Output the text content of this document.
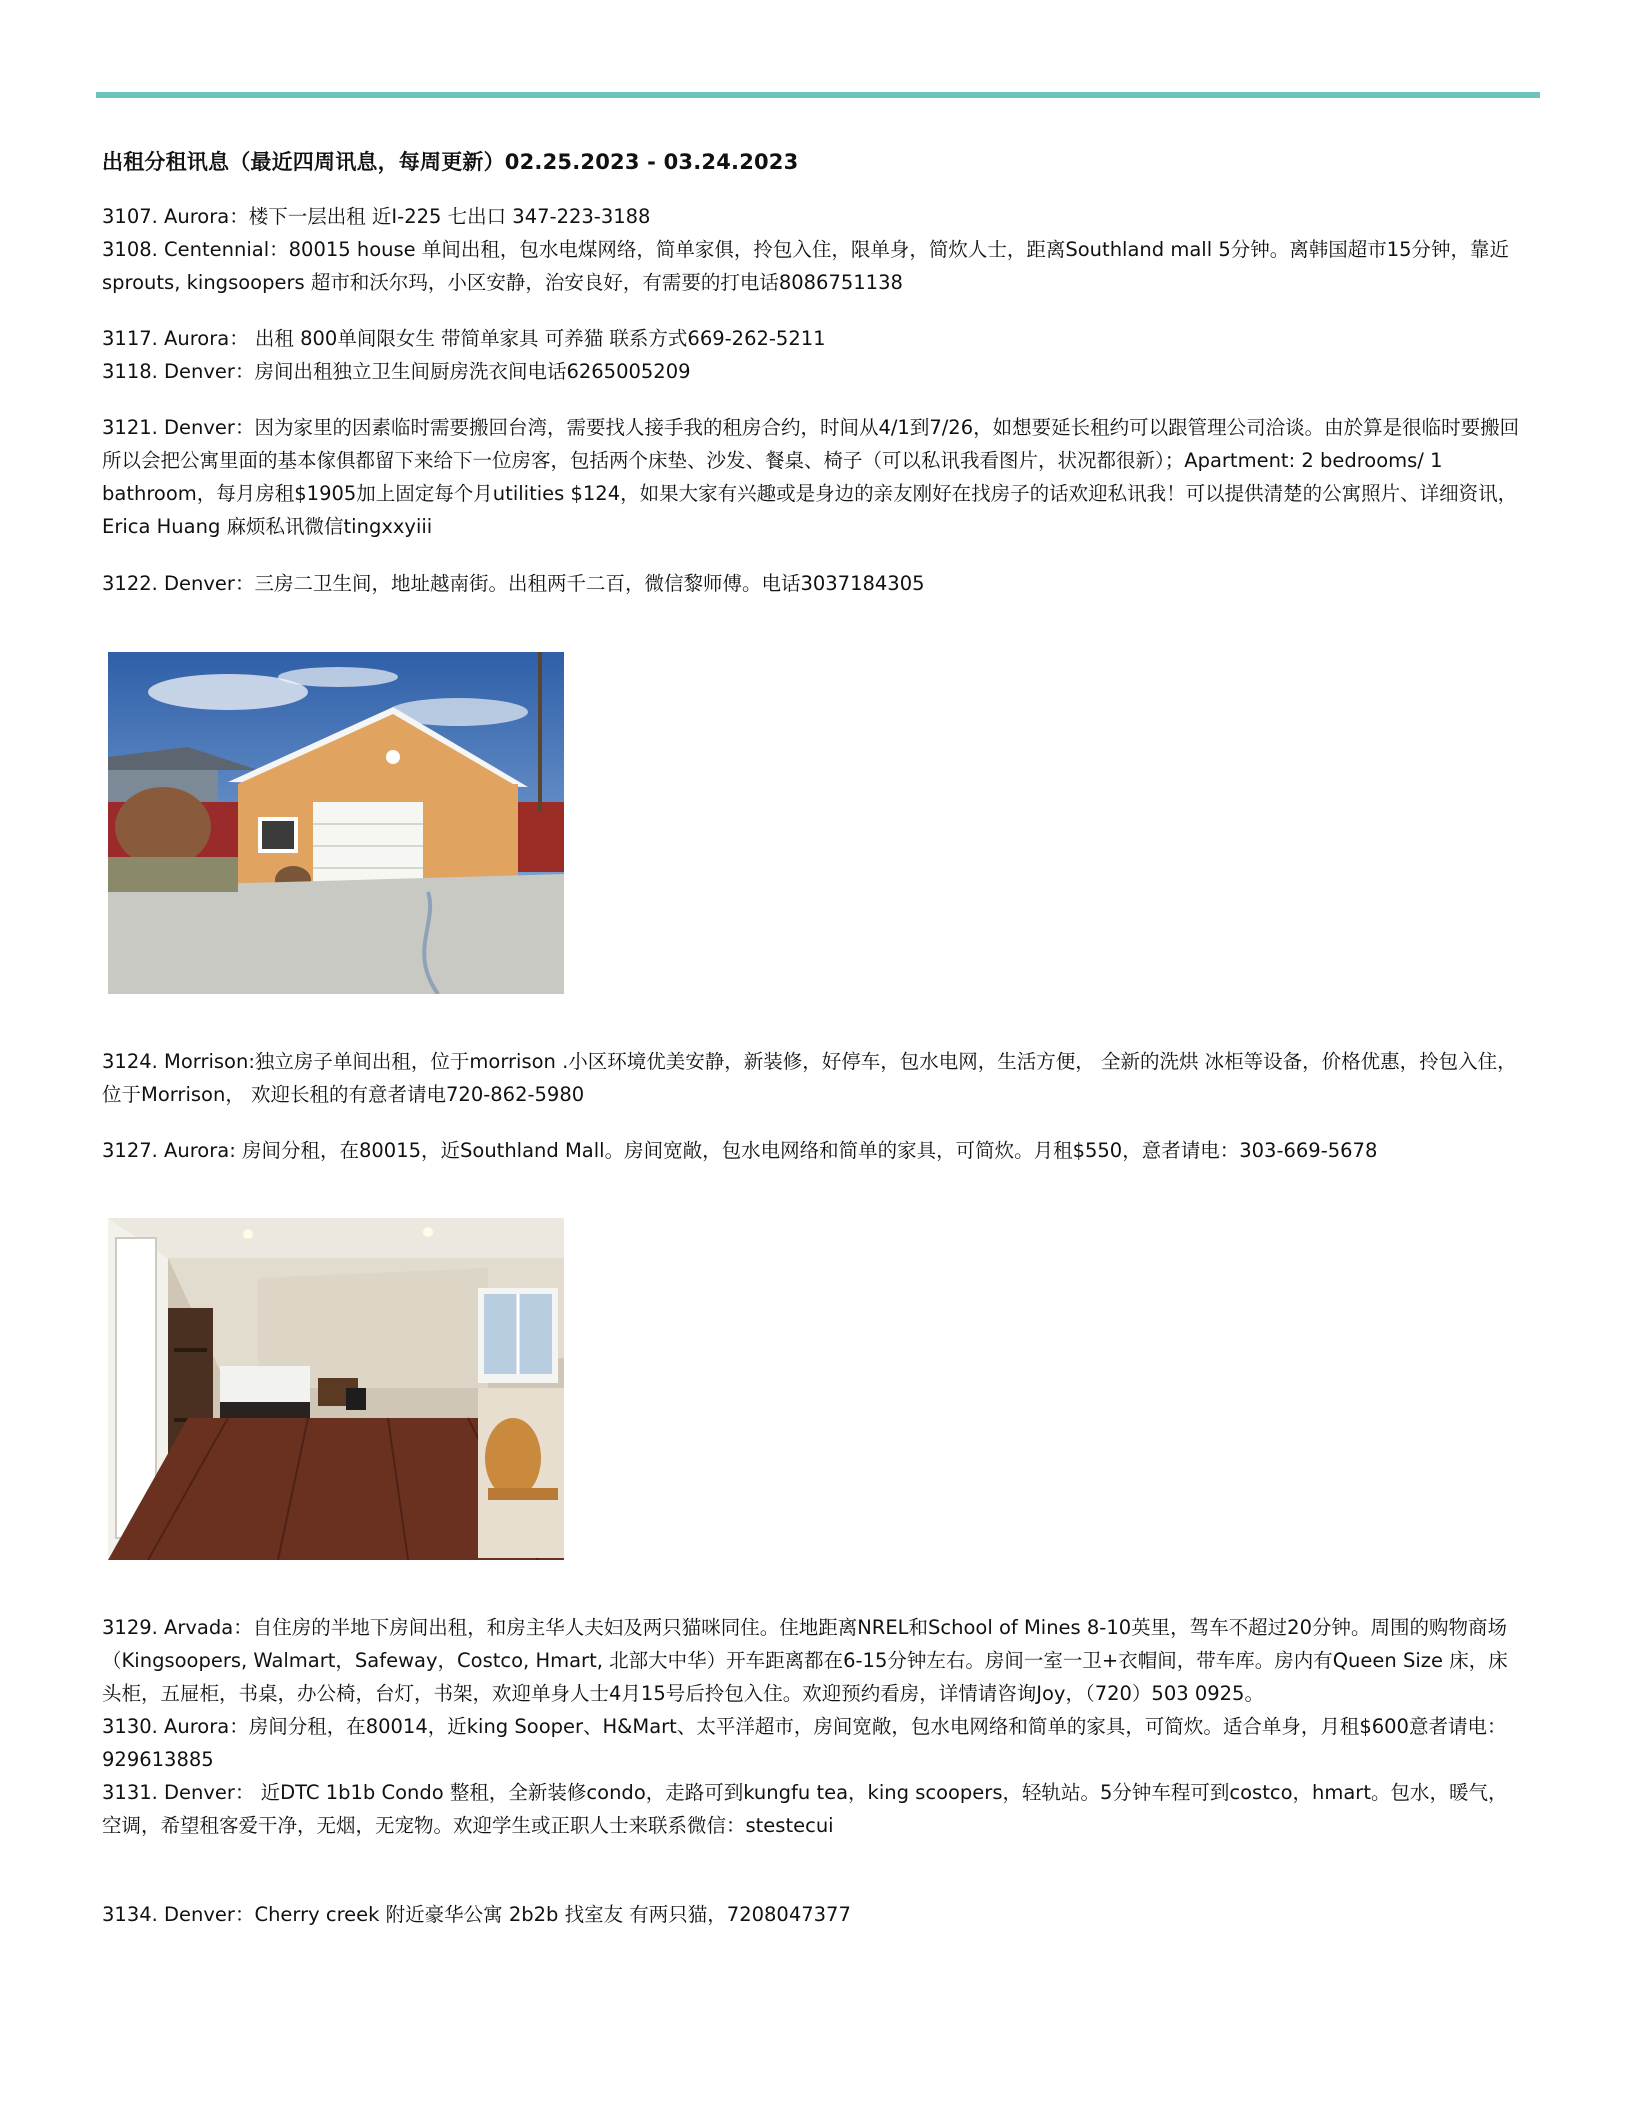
出租分租讯息（最近四周讯息，每周更新）02.25.2023 - 03.24.2023

3107. Aurora：楼下一层出租 近I-225 七出口 347-223-3188

3108. Centennial：80015 house 单间出租，包水电煤网络，简单家俱，拎包入住，限单身，简炊人士，距离Southland mall 5分钟。离韩国超市15分钟，靠近sprouts, kingsoopers 超市和沃尔玛，小区安静，治安良好，有需要的打电话8086751138

3117. Aurora： 出租 800单间限女生 带简单家具 可养猫 联系方式669-262-5211

3118. Denver：房间出租独立卫生间厨房洗衣间电话6265005209

3121. Denver：因为家里的因素临时需要搬回台湾，需要找人接手我的租房合约，时间从4/1到7/26，如想要延长租约可以跟管理公司洽谈。由於算是很临时要搬回所以会把公寓里面的基本傢俱都留下来给下一位房客，包括两个床垫、沙发、餐桌、椅子（可以私讯我看图片，状况都很新）；Apartment: 2 bedrooms/ 1 bathroom，每月房租$1905加上固定每个月utilities $124，如果大家有兴趣或是身边的亲友刚好在找房子的话欢迎私讯我！可以提供清楚的公寓照片、详细资讯，Erica Huang 麻烦私讯微信tingxxyiii

3122. Denver：三房二卫生间，地址越南街。出租两千二百，微信黎师傅。电话3037184305

3124. Morrison:独立房子单间出租，位于morrison .小区环境优美安静，新装修，好停车，包水电网，生活方便， 全新的洗烘 冰柜等设备，价格优惠，拎包入住，位于Morrison， 欢迎长租的有意者请电720-862-5980

3127. Aurora: 房间分租，在80015，近Southland Mall。房间宽敞，包水电网络和简单的家具，可简炊。月租$550，意者请电：303-669-5678

3129. Arvada：自住房的半地下房间出租，和房主华人夫妇及两只猫咪同住。住地距离NREL和School of Mines 8-10英里，驾车不超过20分钟。周围的购物商场（Kingsoopers, Walmart，Safeway，Costco, Hmart, 北部大中华）开车距离都在6-15分钟左右。房间一室一卫+衣帽间，带车库。房内有Queen Size 床，床头柜，五屉柜，书桌，办公椅，台灯，书架，欢迎单身人士4月15号后拎包入住。欢迎预约看房，详情请咨询Joy，（720）503 0925。

3130. Aurora：房间分租，在80014，近king Sooper、H&Mart、太平洋超市，房间宽敞，包水电网络和简单的家具，可简炊。适合单身，月租$600意者请电：929613885

3131. Denver： 近DTC 1b1b Condo 整租，全新装修condo，走路可到kungfu tea，king scoopers，轻轨站。5分钟车程可到costco，hmart。包水，暖气，空调，希望租客爱干净，无烟，无宠物。欢迎学生或正职人士来联系微信：stestecui

3134. Denver：Cherry creek 附近豪华公寓 2b2b 找室友 有两只猫，7208047377
